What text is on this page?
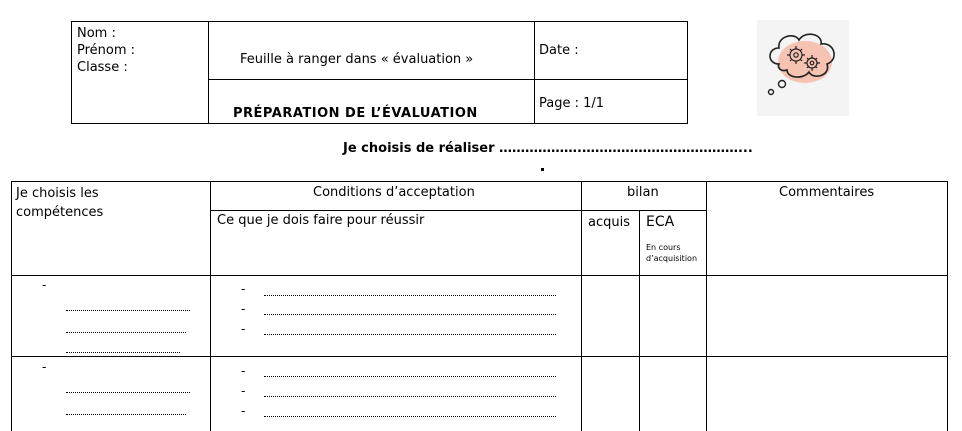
Nom :
Prénom :
Classe :
Feuille à ranger dans « évaluation »
PRÉPARATION DE L’ÉVALUATION
Date :
Page : 1/1
Je choisis de réaliser ……………….………………………………...
Je choisis les compétences
Conditions d’acceptation
Ce que je dois faire pour réussir
bilan
acquis ECA
En cours d’acquisition
Commentaires
-	-
-
-
-	-
-
-
